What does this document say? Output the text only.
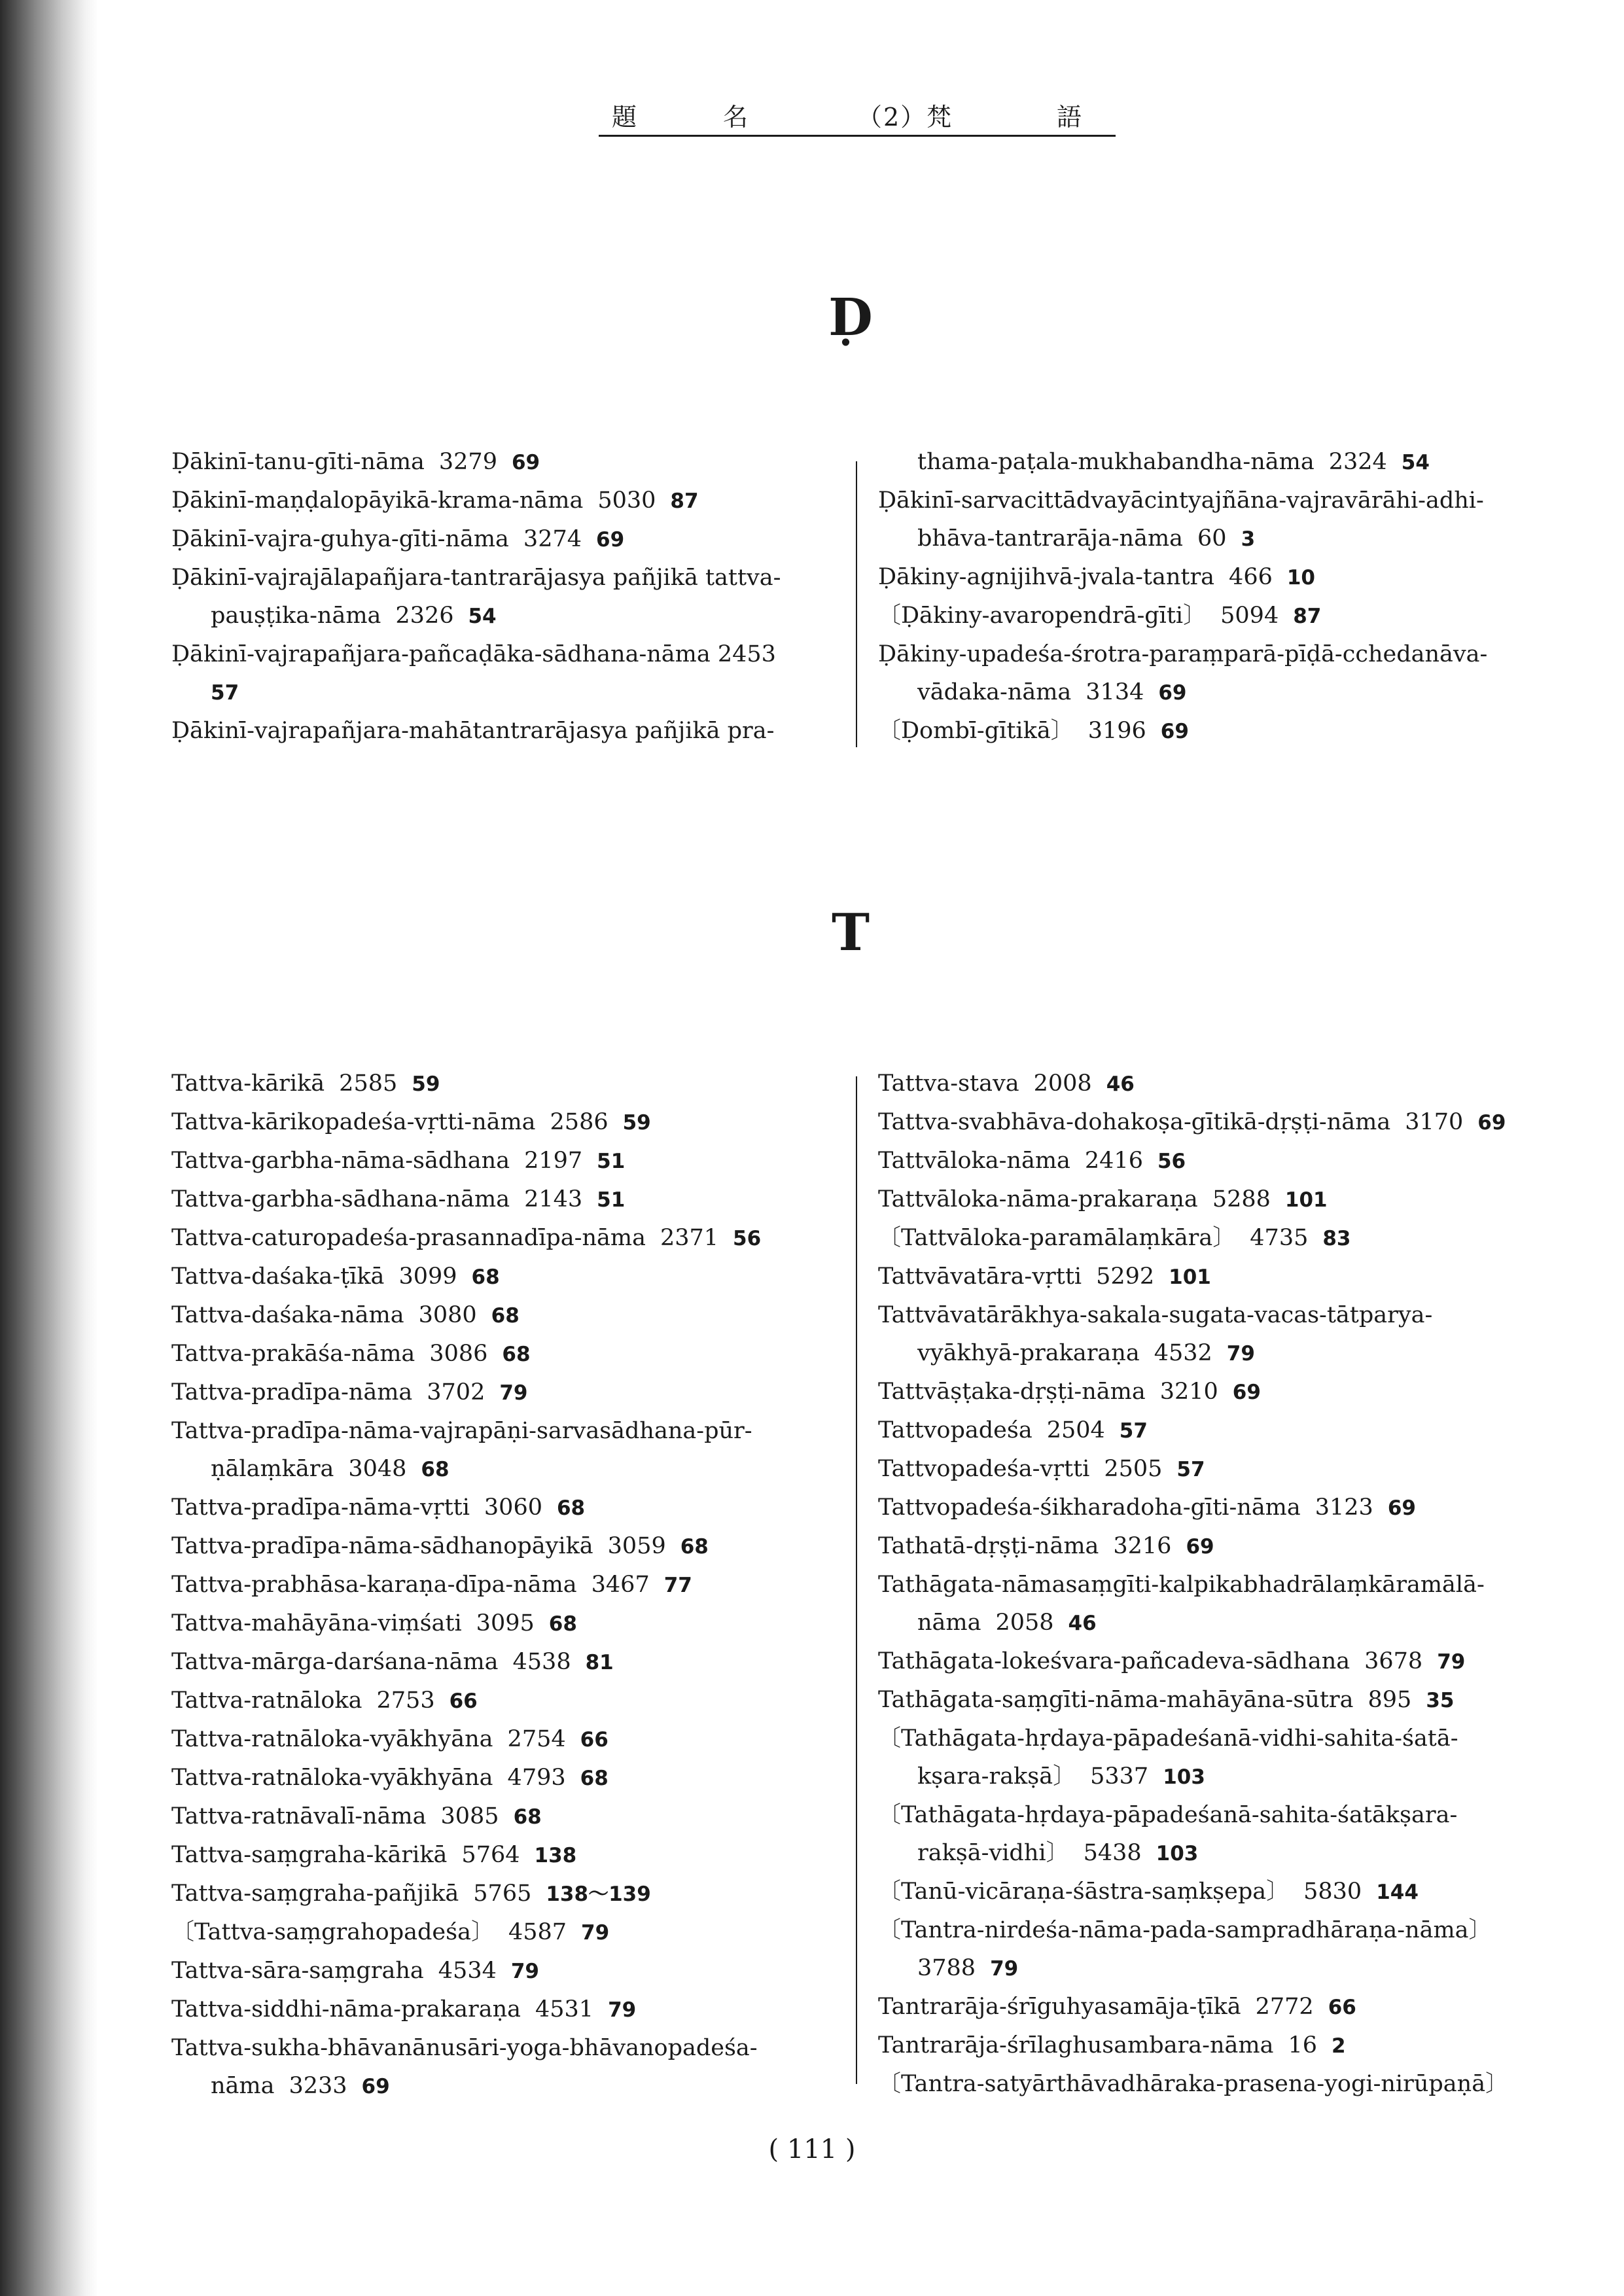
題	名	（2）梵	語
Ḍ
Ḍākinī-tanu-gīti-nāma 3279 69
Ḍākinī-maṇḍalopāyikā-krama-nāma 5030 87
Ḍākinī-vajra-guhya-gīti-nāma 3274 69
Ḍākinī-vajrajālapañjara-tantrarājasya pañjikā tattva-
pauṣṭika-nāma 2326 54
Ḍākinī-vajrapañjara-pañcaḍāka-sādhana-nāma 2453
57
Ḍākinī-vajrapañjara-mahātantrarājasya pañjikā pra-
thama-paṭala-mukhabandha-nāma 2324 54
Ḍākinī-sarvacittādvayācintyajñāna-vajravārāhi-adhi-
bhāva-tantrarāja-nāma 60 3
Ḍākiny-agnijihvā-jvala-tantra 466 10
〔Ḍākiny-avaropendrā-gīti〕 5094 87
Ḍākiny-upadeśa-śrotra-paraṃparā-pīḍā-cchedanāva-
vādaka-nāma 3134 69
〔Ḍombī-gītikā〕 3196 69
T
Tattva-kārikā 2585 59
Tattva-kārikopadeśa-vṛtti-nāma 2586 59
Tattva-garbha-nāma-sādhana 2197 51
Tattva-garbha-sādhana-nāma 2143 51
Tattva-caturopadeśa-prasannadīpa-nāma 2371 56
Tattva-daśaka-ṭīkā 3099 68
Tattva-daśaka-nāma 3080 68
Tattva-prakāśa-nāma 3086 68
Tattva-pradīpa-nāma 3702 79
Tattva-pradīpa-nāma-vajrapāṇi-sarvasādhana-pūr-
ṇālaṃkāra 3048 68
Tattva-pradīpa-nāma-vṛtti 3060 68
Tattva-pradīpa-nāma-sādhanopāyikā 3059 68
Tattva-prabhāsa-karaṇa-dīpa-nāma 3467 77
Tattva-mahāyāna-viṃśati 3095 68
Tattva-mārga-darśana-nāma 4538 81
Tattva-ratnāloka 2753 66
Tattva-ratnāloka-vyākhyāna 2754 66
Tattva-ratnāloka-vyākhyāna 4793 68
Tattva-ratnāvalī-nāma 3085 68
Tattva-saṃgraha-kārikā 5764 138
Tattva-saṃgraha-pañjikā 5765 138～139
〔Tattva-saṃgrahopadeśa〕 4587 79
Tattva-sāra-saṃgraha 4534 79
Tattva-siddhi-nāma-prakaraṇa 4531 79
Tattva-sukha-bhāvanānusāri-yoga-bhāvanopadeśa-
nāma 3233 69
Tattva-stava 2008 46
Tattva-svabhāva-dohakoṣa-gītikā-dṛṣṭi-nāma 3170 69
Tattvāloka-nāma 2416 56
Tattvāloka-nāma-prakaraṇa 5288 101
〔Tattvāloka-paramālaṃkāra〕 4735 83
Tattvāvatāra-vṛtti 5292 101
Tattvāvatārākhya-sakala-sugata-vacas-tātparya-
vyākhyā-prakaraṇa 4532 79
Tattvāṣṭaka-dṛṣṭi-nāma 3210 69
Tattvopadeśa 2504 57
Tattvopadeśa-vṛtti 2505 57
Tattvopadeśa-śikharadoha-gīti-nāma 3123 69
Tathatā-dṛṣṭi-nāma 3216 69
Tathāgata-nāmasaṃgīti-kalpikabhadrālaṃkāramālā-
nāma 2058 46
Tathāgata-lokeśvara-pañcadeva-sādhana 3678 79
Tathāgata-saṃgīti-nāma-mahāyāna-sūtra 895 35
〔Tathāgata-hṛdaya-pāpadeśanā-vidhi-sahita-śatā-
kṣara-rakṣā〕 5337 103
〔Tathāgata-hṛdaya-pāpadeśanā-sahita-śatākṣara-
rakṣā-vidhi〕 5438 103
〔Tanū-vicāraṇa-śāstra-saṃkṣepa〕 5830 144
〔Tantra-nirdeśa-nāma-pada-sampradhāraṇa-nāma〕
3788 79
Tantrarāja-śrīguhyasamāja-ṭīkā 2772 66
Tantrarāja-śrīlaghusambara-nāma 16 2
〔Tantra-satyārthāvadhāraka-prasena-yogi-nirūpaṇā〕
( 111 )
